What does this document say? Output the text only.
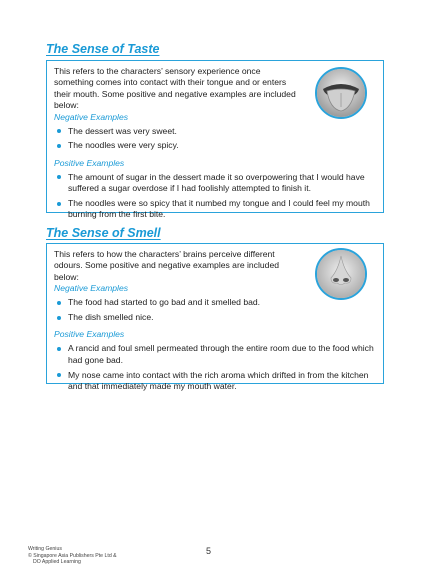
The Sense of Taste

This refers to the characters’ sensory experience once something comes into contact with their tongue and or enters their mouth. Some positive and negative examples are included below:

Negative Examples

The dessert was very sweet.
The noodles were very spicy.

Positive Examples

The amount of sugar in the dessert made it so overpowering that I would have suffered a sugar overdose if I had foolishly attempted to finish it.
The noodles were so spicy that it numbed my tongue and I could feel my mouth burning from the first bite.
The Sense of Smell

This refers to how the characters’ brains perceive different odours. Some positive and negative examples are included below:

Negative Examples

The food had started to go bad and it smelled bad.
The dish smelled nice.

Positive Examples

A rancid and foul smell permeated through the entire room due to the food which had gone bad.
My nose came into contact with the rich aroma which drifted in from the kitchen and that immediately made my mouth water.
Writing Genius
© Singapore Asia Publishers Pte Ltd &
DO Applied Learning
5
